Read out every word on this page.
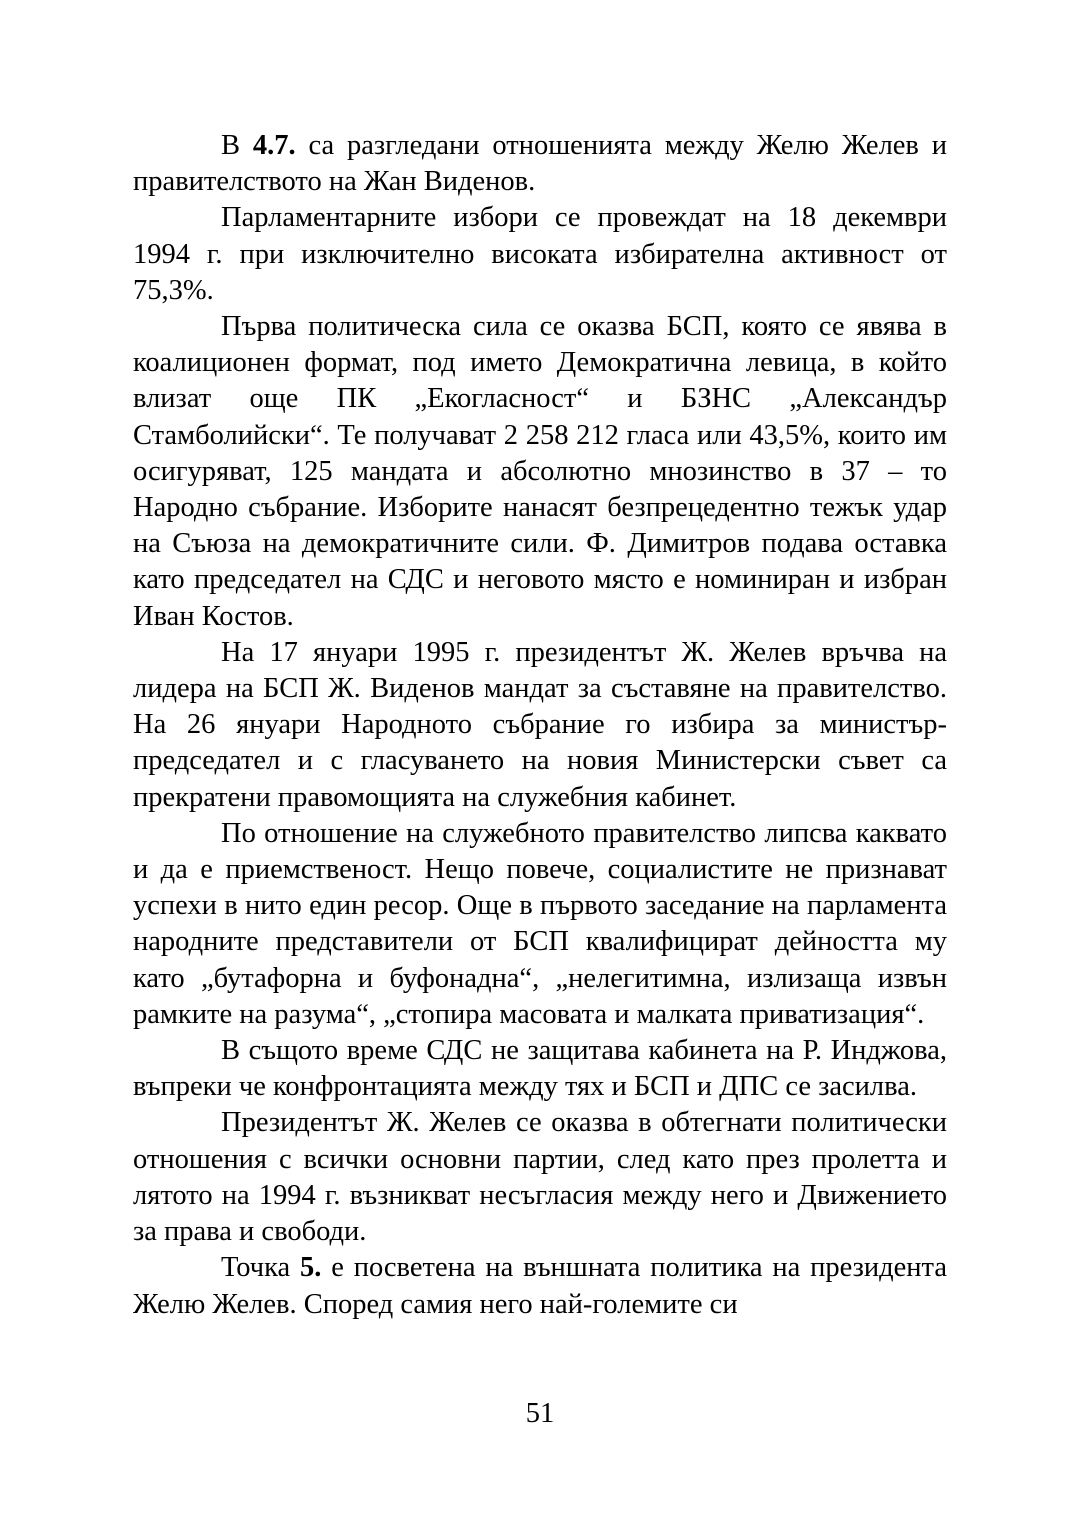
В 4.7. са разгледани отношенията между Желю Желев и правителството на Жан Виденов.

Парламентарните избори се провеждат на 18 декември 1994 г. при изключително високата избирателна активност от 75,3%.

Първа политическа сила се оказва БСП, която се явява в коалиционен формат, под името Демократична левица, в който влизат още ПК „Екогласност“ и БЗНС „Александър Стамболийски“. Те получават 2 258 212 гласа или 43,5%, които им осигуряват, 125 мандата и абсолютно мнозинство в 37 – то Народно събрание. Изборите нанасят безпрецедентно тежък удар на Съюза на демократичните сили. Ф. Димитров подава оставка като председател на СДС и неговото място е номиниран и избран Иван Костов.

На 17 януари 1995 г. президентът Ж. Желев връчва на лидера на БСП Ж. Виденов мандат за съставяне на правителство. На 26 януари Народното събрание го избира за министър-председател и с гласуването на новия Министерски съвет са прекратени правомощията на служебния кабинет.

По отношение на служебното правителство липсва каквато и да е приемственост. Нещо повече, социалистите не признават успехи в нито един ресор. Още в първото заседание на парламента народните представители от БСП квалифицират дейността му като „бутафорна и буфонадна“, „нелегитимна, излизаща извън рамките на разума“, „стопира масовата и малката приватизация“.

В същото време СДС не защитава кабинета на Р. Инджова, въпреки че конфронтацията между тях и БСП и ДПС се засилва.

Президентът Ж. Желев се оказва в обтегнати политически отношения с всички основни партии, след като през пролетта и лятото на 1994 г. възникват несъгласия между него и Движението за права и свободи.

Точка 5. е посветена на външната политика на президента Желю Желев. Според самия него най-големите си

51
